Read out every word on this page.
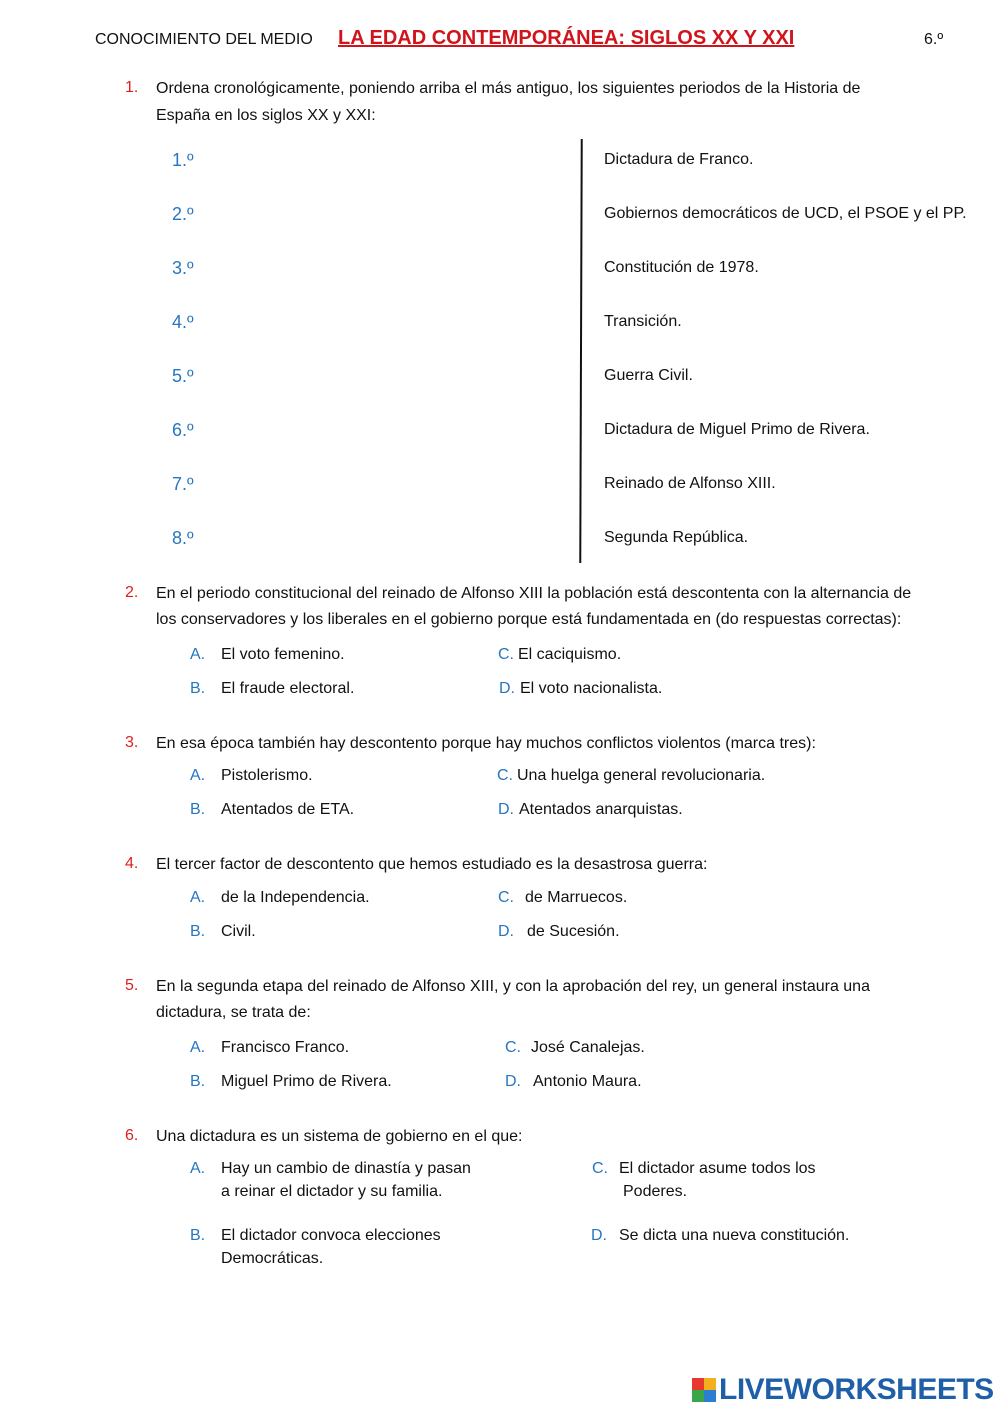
CONOCIMIENTO DEL MEDIO LA EDAD CONTEMPORÁNEA: SIGLOS XX Y XXI	6.º
1. Ordena cronológicamente, poniendo arriba el más antiguo, los siguientes periodos de la Historia de
España en los siglos XX y XXI:
1.º
2.º
3.º
4.º
5.º
6.º
7.º
8.º
Dictadura de Franco.
Gobiernos democráticos de UCD, el PSOE y el PP.
Constitución de 1978.
Transición.
Guerra Civil.
Dictadura de Miguel Primo de Rivera.
Reinado de Alfonso XIII.
Segunda República.
2. En el periodo constitucional del reinado de Alfonso XIII la población está descontenta con la alternancia de
los conservadores y los liberales en el gobierno porque está fundamentada en (do respuestas correctas):
A. El voto femenino.
B. El fraude electoral.
C. El caciquismo.
D. El voto nacionalista.
3. En esa época también hay descontento porque hay muchos conflictos violentos (marca tres):
A. Pistolerismo.
B. Atentados de ETA.
C. Una huelga general revolucionaria.
D. Atentados anarquistas.
4. El tercer factor de descontento que hemos estudiado es la desastrosa guerra:
A. de la Independencia.
B. Civil.
C. de Marruecos.
D. de Sucesión.
5. En la segunda etapa del reinado de Alfonso XIII, y con la aprobación del rey, un general instaura una
dictadura, se trata de:
A. Francisco Franco.
B. Miguel Primo de Rivera.
C. José Canalejas.
D. Antonio Maura.
6. Una dictadura es un sistema de gobierno en el que:
A. Hay un cambio de dinastía y pasan
a reinar el dictador y su familia.
B. El dictador convoca elecciones
Democráticas.
C. El dictador asume todos los
Poderes.
D. Se dicta una nueva constitución.
LIVEWORKSHEETS
